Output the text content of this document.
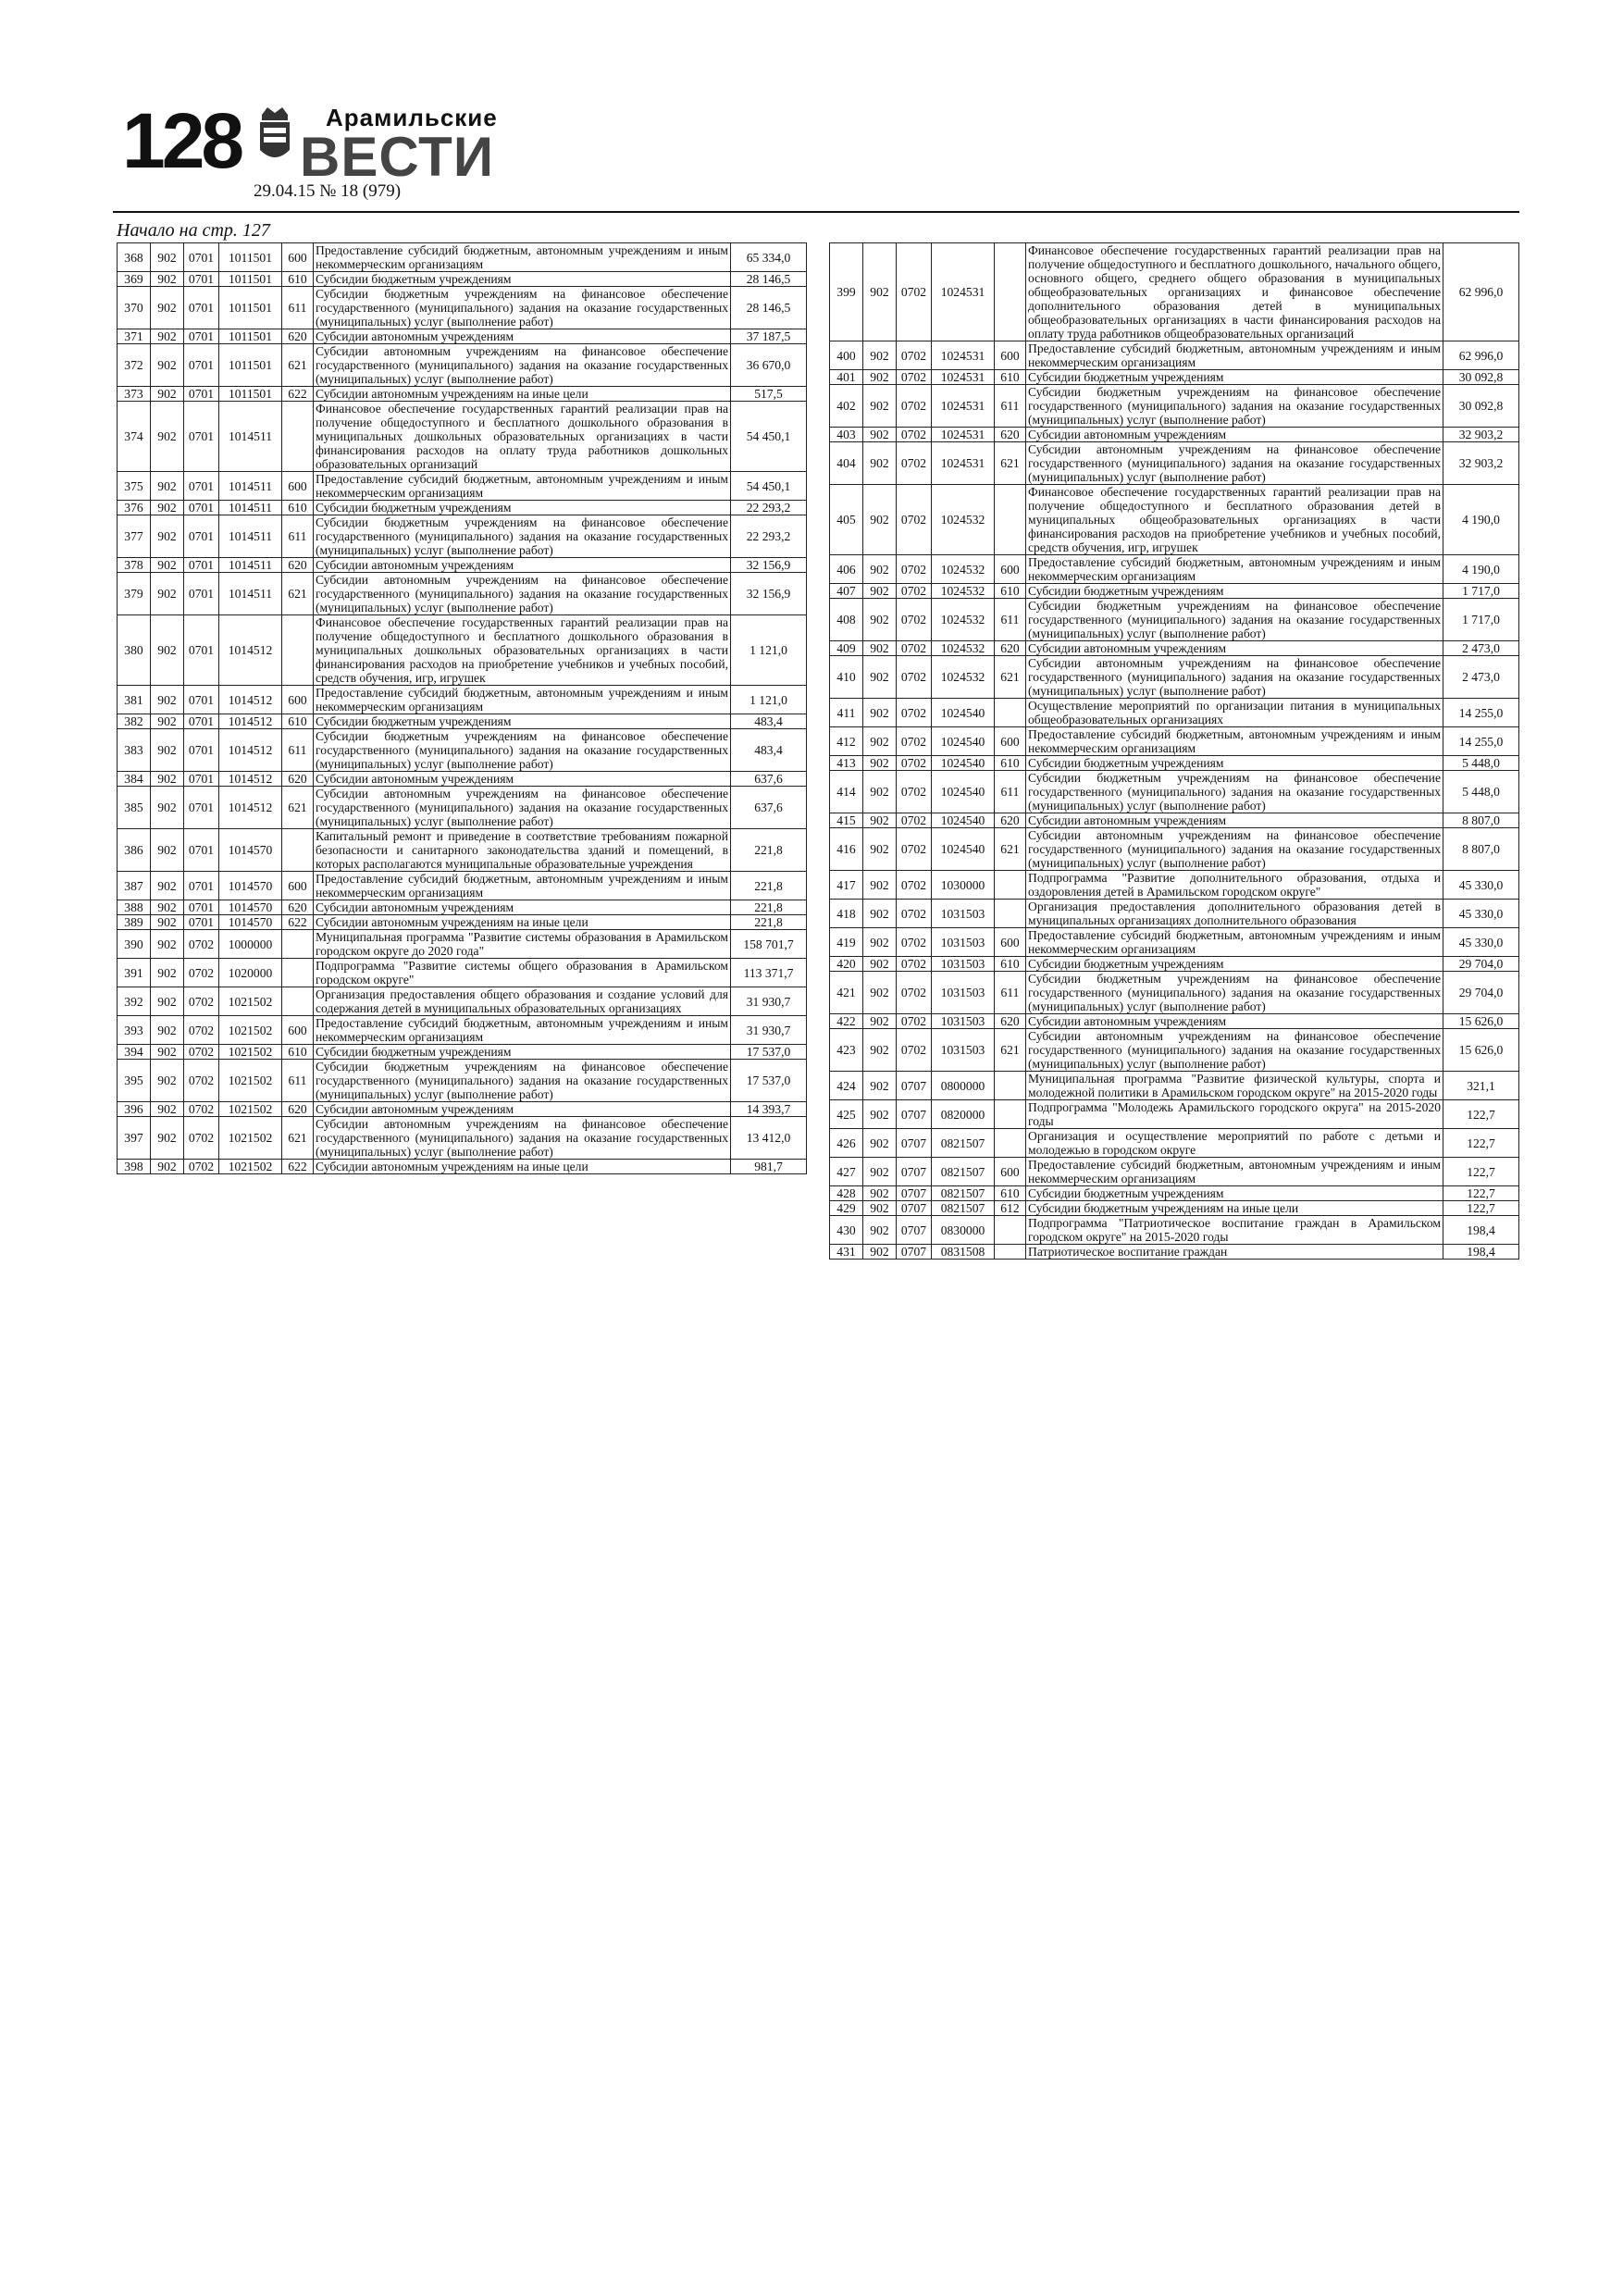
128	Арамильские
ВЕСТИ
29.04.15 № 18 (979)
Начало на стр. 127
368	902	0701	1011501	600	Предоставление субсидий бюджетным, автономным учреждениям и иным некоммерческим организациям	65 334,0
369	902	0701	1011501	610	Субсидии бюджетным учреждениям	28 146,5
370	902	0701	1011501	611	Субсидии бюджетным учреждениям на финансовое обеспечение государственного (муниципального) задания на оказание государственных (муниципальных) услуг (выполнение работ)	28 146,5
371	902	0701	1011501	620	Субсидии автономным учреждениям	37 187,5
372	902	0701	1011501	621	Субсидии автономным учреждениям на финансовое обеспечение государственного (муниципального) задания на оказание государственных (муниципальных) услуг (выполнение работ)	36 670,0
373	902	0701	1011501	622	Субсидии автономным учреждениям на иные цели	517,5
374	902	0701	1014511		Финансовое обеспечение государственных гарантий реализации прав на получение общедоступного и бесплатного дошкольного образования в муниципальных дошкольных образовательных организациях в части финансирования расходов на оплату труда работников дошкольных образовательных организаций	54 450,1
375	902	0701	1014511	600	Предоставление субсидий бюджетным, автономным учреждениям и иным некоммерческим организациям	54 450,1
376	902	0701	1014511	610	Субсидии бюджетным учреждениям	22 293,2
377	902	0701	1014511	611	Субсидии бюджетным учреждениям на финансовое обеспечение государственного (муниципального) задания на оказание государственных (муниципальных) услуг (выполнение работ)	22 293,2
378	902	0701	1014511	620	Субсидии автономным учреждениям	32 156,9
379	902	0701	1014511	621	Субсидии автономным учреждениям на финансовое обеспечение государственного (муниципального) задания на оказание государственных (муниципальных) услуг (выполнение работ)	32 156,9
380	902	0701	1014512		Финансовое обеспечение государственных гарантий реализации прав на получение общедоступного и бесплатного дошкольного образования в муниципальных дошкольных образовательных организациях в части финансирования расходов на приобретение учебников и учебных пособий, средств обучения, игр, игрушек	1 121,0
381	902	0701	1014512	600	Предоставление субсидий бюджетным, автономным учреждениям и иным некоммерческим организациям	1 121,0
382	902	0701	1014512	610	Субсидии бюджетным учреждениям	483,4
383	902	0701	1014512	611	Субсидии бюджетным учреждениям на финансовое обеспечение государственного (муниципального) задания на оказание государственных (муниципальных) услуг (выполнение работ)	483,4
384	902	0701	1014512	620	Субсидии автономным учреждениям	637,6
385	902	0701	1014512	621	Субсидии автономным учреждениям на финансовое обеспечение государственного (муниципального) задания на оказание государственных (муниципальных) услуг (выполнение работ)	637,6
386	902	0701	1014570		Капитальный ремонт и приведение в соответствие требованиям пожарной безопасности и санитарного законодательства зданий и помещений, в которых располагаются муниципальные образовательные учреждения	221,8
387	902	0701	1014570	600	Предоставление субсидий бюджетным, автономным учреждениям и иным некоммерческим организациям	221,8
388	902	0701	1014570	620	Субсидии автономным учреждениям	221,8
389	902	0701	1014570	622	Субсидии автономным учреждениям на иные цели	221,8
390	902	0702	1000000		Муниципальная программа "Развитие системы образования в Арамильском городском округе до 2020 года"	158 701,7
391	902	0702	1020000		Подпрограмма "Развитие системы общего образования в Арамильском городском округе"	113 371,7
392	902	0702	1021502		Организация предоставления общего образования и создание условий для содержания детей в муниципальных образовательных организациях	31 930,7
393	902	0702	1021502	600	Предоставление субсидий бюджетным, автономным учреждениям и иным некоммерческим организациям	31 930,7
394	902	0702	1021502	610	Субсидии бюджетным учреждениям	17 537,0
395	902	0702	1021502	611	Субсидии бюджетным учреждениям на финансовое обеспечение государственного (муниципального) задания на оказание государственных (муниципальных) услуг (выполнение работ)	17 537,0
396	902	0702	1021502	620	Субсидии автономным учреждениям	14 393,7
397	902	0702	1021502	621	Субсидии автономным учреждениям на финансовое обеспечение государственного (муниципального) задания на оказание государственных (муниципальных) услуг (выполнение работ)	13 412,0
398	902	0702	1021502	622	Субсидии автономным учреждениям на иные цели	981,7
399	902	0702	1024531		Финансовое обеспечение государственных гарантий реализации прав на получение общедоступного и бесплатного дошкольного, начального общего, основного общего, среднего общего образования в муниципальных общеобразовательных организациях и финансовое обеспечение дополнительного образования детей в муниципальных общеобразовательных организациях в части финансирования расходов на оплату труда работников общеобразовательных организаций	62 996,0
400	902	0702	1024531	600	Предоставление субсидий бюджетным, автономным учреждениям и иным некоммерческим организациям	62 996,0
401	902	0702	1024531	610	Субсидии бюджетным учреждениям	30 092,8
402	902	0702	1024531	611	Субсидии бюджетным учреждениям на финансовое обеспечение государственного (муниципального) задания на оказание государственных (муниципальных) услуг (выполнение работ)	30 092,8
403	902	0702	1024531	620	Субсидии автономным учреждениям	32 903,2
404	902	0702	1024531	621	Субсидии автономным учреждениям на финансовое обеспечение государственного (муниципального) задания на оказание государственных (муниципальных) услуг (выполнение работ)	32 903,2
405	902	0702	1024532		Финансовое обеспечение государственных гарантий реализации прав на получение общедоступного и бесплатного образования детей в муниципальных общеобразовательных организациях в части финансирования расходов на приобретение учебников и учебных пособий, средств обучения, игр, игрушек	4 190,0
406	902	0702	1024532	600	Предоставление субсидий бюджетным, автономным учреждениям и иным некоммерческим организациям	4 190,0
407	902	0702	1024532	610	Субсидии бюджетным учреждениям	1 717,0
408	902	0702	1024532	611	Субсидии бюджетным учреждениям на финансовое обеспечение государственного (муниципального) задания на оказание государственных (муниципальных) услуг (выполнение работ)	1 717,0
409	902	0702	1024532	620	Субсидии автономным учреждениям	2 473,0
410	902	0702	1024532	621	Субсидии автономным учреждениям на финансовое обеспечение государственного (муниципального) задания на оказание государственных (муниципальных) услуг (выполнение работ)	2 473,0
411	902	0702	1024540		Осуществление мероприятий по организации питания в муниципальных общеобразовательных организациях	14 255,0
412	902	0702	1024540	600	Предоставление субсидий бюджетным, автономным учреждениям и иным некоммерческим организациям	14 255,0
413	902	0702	1024540	610	Субсидии бюджетным учреждениям	5 448,0
414	902	0702	1024540	611	Субсидии бюджетным учреждениям на финансовое обеспечение государственного (муниципального) задания на оказание государственных (муниципальных) услуг (выполнение работ)	5 448,0
415	902	0702	1024540	620	Субсидии автономным учреждениям	8 807,0
416	902	0702	1024540	621	Субсидии автономным учреждениям на финансовое обеспечение государственного (муниципального) задания на оказание государственных (муниципальных) услуг (выполнение работ)	8 807,0
417	902	0702	1030000		Подпрограмма "Развитие дополнительного образования, отдыха и оздоровления детей в Арамильском городском округе"	45 330,0
418	902	0702	1031503		Организация предоставления дополнительного образования детей в муниципальных организациях дополнительного образования	45 330,0
419	902	0702	1031503	600	Предоставление субсидий бюджетным, автономным учреждениям и иным некоммерческим организациям	45 330,0
420	902	0702	1031503	610	Субсидии бюджетным учреждениям	29 704,0
421	902	0702	1031503	611	Субсидии бюджетным учреждениям на финансовое обеспечение государственного (муниципального) задания на оказание государственных (муниципальных) услуг (выполнение работ)	29 704,0
422	902	0702	1031503	620	Субсидии автономным учреждениям	15 626,0
423	902	0702	1031503	621	Субсидии автономным учреждениям на финансовое обеспечение государственного (муниципального) задания на оказание государственных (муниципальных) услуг (выполнение работ)	15 626,0
424	902	0707	0800000		Муниципальная программа "Развитие физической культуры, спорта и молодежной политики в Арамильском городском округе" на 2015-2020 годы	321,1
425	902	0707	0820000		Подпрограмма "Молодежь Арамильского городского округа" на 2015-2020 годы	122,7
426	902	0707	0821507		Организация и осуществление мероприятий по работе с детьми и молодежью в городском округе	122,7
427	902	0707	0821507	600	Предоставление субсидий бюджетным, автономным учреждениям и иным некоммерческим организациям	122,7
428	902	0707	0821507	610	Субсидии бюджетным учреждениям	122,7
429	902	0707	0821507	612	Субсидии бюджетным учреждениям на иные цели	122,7
430	902	0707	0830000		Подпрограмма "Патриотическое воспитание граждан в Арамильском городском округе" на 2015-2020 годы	198,4
431	902	0707	0831508		Патриотическое воспитание граждан	198,4
